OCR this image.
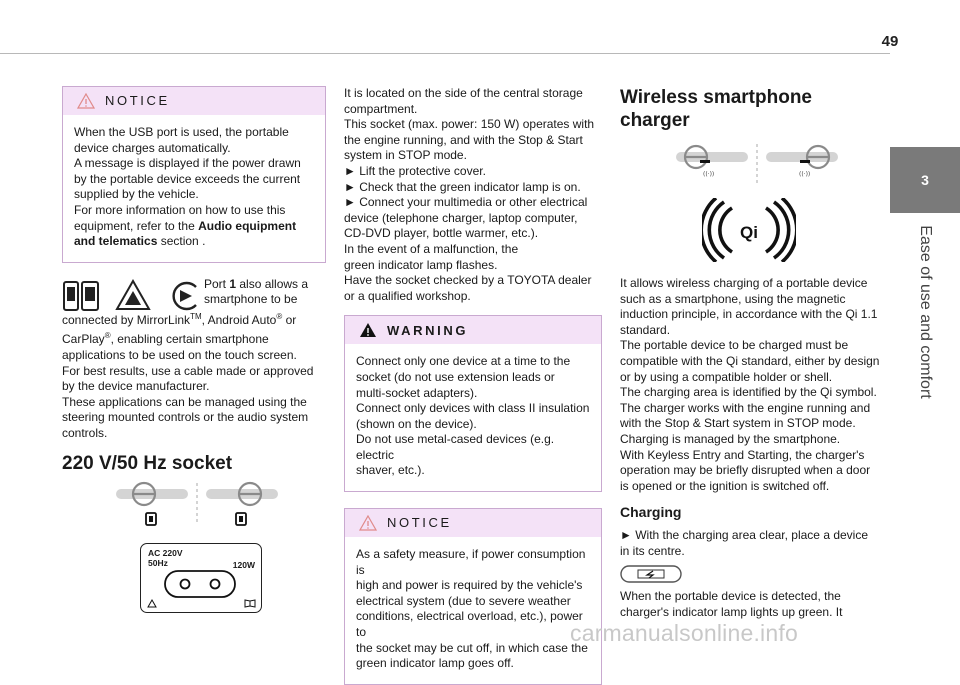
49
3
Ease of use and comfort
NOTICE

When the USB port is used, the portable

device charges automatically.

A message is displayed if the power drawn

by the portable device exceeds the current

supplied by the vehicle.

For more information on how to use this

equipment, refer to the Audio equipment

and telematics section .

Port 1 also allows a

smartphone to be

connected by MirrorLink™, Android Auto® or

CarPlay®, enabling certain smartphone

applications to be used on the touch screen.

For best results, use a cable made or approved

by the device manufacturer.

These applications can be managed using the

steering mounted controls or the audio system

controls.

220 V/50 Hz socket
AC 220V
50Hz	120W

It is located on the side of the central storage

compartment.

This socket (max. power: 150 W) operates with

the engine running, and with the Stop & Start

system in STOP mode.

► Lift the protective cover.

► Check that the green indicator lamp is on.

► Connect your multimedia or other electrical

device (telephone charger, laptop computer,

CD-DVD player, bottle warmer, etc.).

In the event of a malfunction, the

green indicator lamp flashes.

Have the socket checked by a TOYOTA dealer

or a qualified workshop.

WARNING

Connect only one device at a time to the

socket (do not use extension leads or

multi-socket adapters).

Connect only devices with class II insulation

(shown on the device).

Do not use metal-cased devices (e.g. electric

shaver, etc.).

NOTICE

As a safety measure, if power consumption is

high and power is required by the vehicle's

electrical system (due to severe weather

conditions, electrical overload, etc.), power to

the socket may be cut off, in which case the

green indicator lamp goes off.

Wireless smartphone
charger
((·))	((·))
Qi

It allows wireless charging of a portable device

such as a smartphone, using the magnetic

induction principle, in accordance with the Qi 1.1

standard.

The portable device to be charged must be

compatible with the Qi standard, either by design

or by using a compatible holder or shell.

The charging area is identified by the Qi symbol.

The charger works with the engine running and

with the Stop & Start system in STOP mode.

Charging is managed by the smartphone.

With Keyless Entry and Starting, the charger's

operation may be briefly disrupted when a door

is opened or the ignition is switched off.

Charging

► With the charging area clear, place a device

in its centre.

When the portable device is detected, the

charger's indicator lamp lights up green. It

carmanualsonline.info
